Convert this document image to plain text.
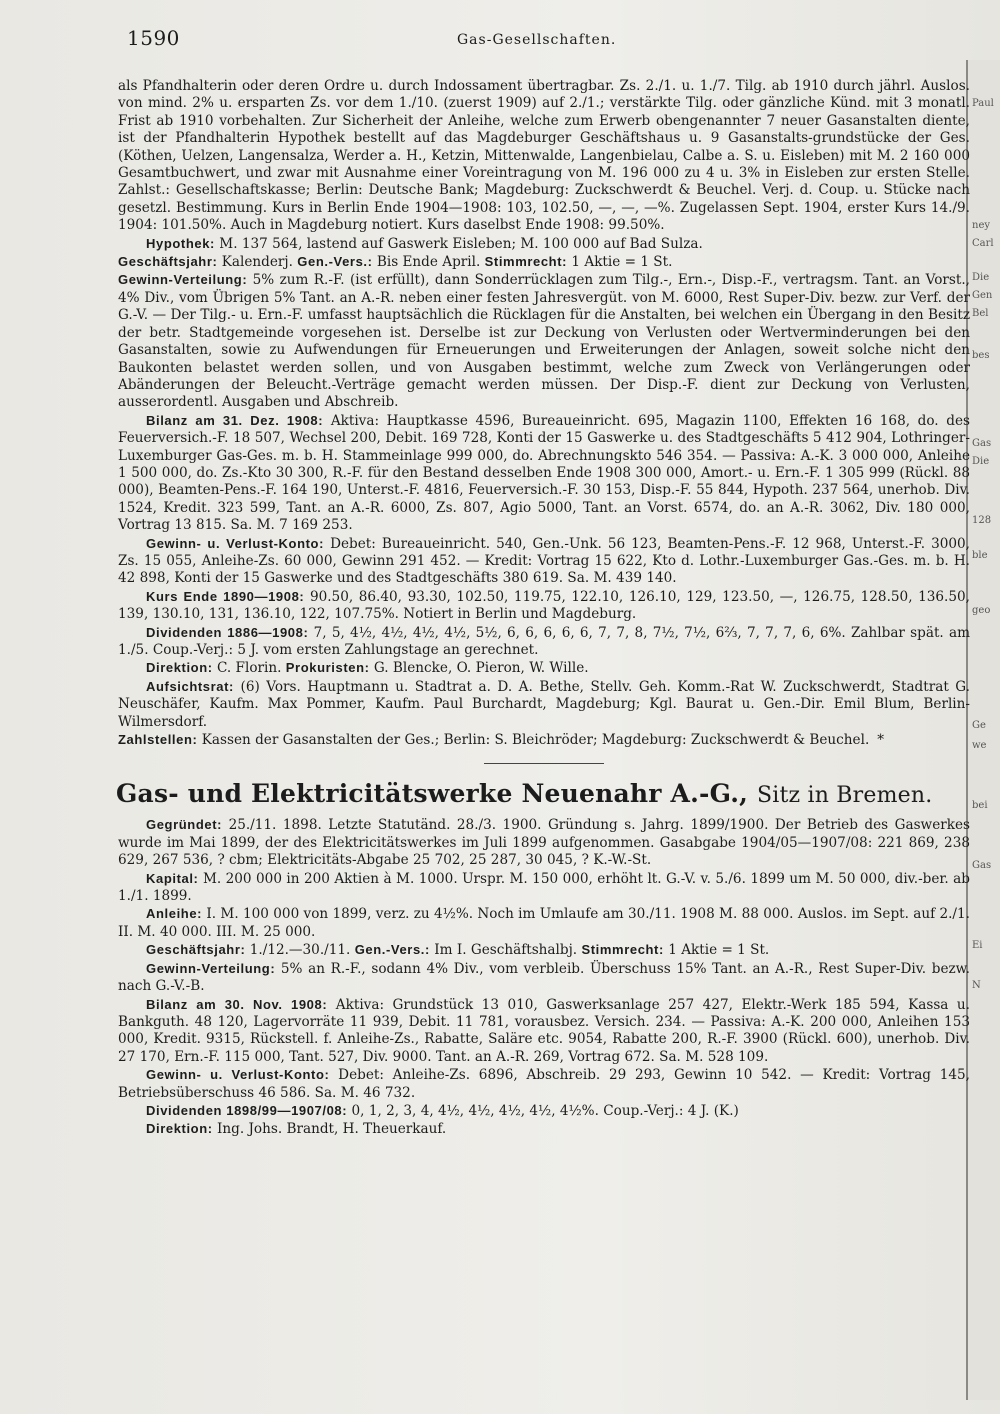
Paul
ney
Carl
Die
Gen
Bel
bes
Gas
Die
128
ble
geo
Ge
we
bei
Gas
Ei
N
1590	Gas-Gesellschaften.

als Pfandhalterin oder deren Ordre u. durch Indossament übertragbar. Zs. 2./1. u. 1./7. Tilg. ab 1910 durch jährl. Auslos. von mind. 2% u. ersparten Zs. vor dem 1./10. (zuerst 1909) auf 2./1.; verstärkte Tilg. oder gänzliche Künd. mit 3 monatl. Frist ab 1910 vorbehalten. Zur Sicherheit der Anleihe, welche zum Erwerb obengenannter 7 neuer Gasanstalten diente, ist der Pfandhalterin Hypothek bestellt auf das Magdeburger Geschäftshaus u. 9 Gasanstalts-grundstücke der Ges. (Köthen, Uelzen, Langensalza, Werder a. H., Ketzin, Mittenwalde, Langenbielau, Calbe a. S. u. Eisleben) mit M. 2 160 000 Gesamtbuchwert, und zwar mit Ausnahme einer Voreintragung von M. 196 000 zu 4 u. 3% in Eisleben zur ersten Stelle. Zahlst.: Gesellschaftskasse; Berlin: Deutsche Bank; Magdeburg: Zuckschwerdt & Beuchel. Verj. d. Coup. u. Stücke nach gesetzl. Bestimmung. Kurs in Berlin Ende 1904—1908: 103, 102.50, —, —, —%. Zugelassen Sept. 1904, erster Kurs 14./9. 1904: 101.50%. Auch in Magdeburg notiert. Kurs daselbst Ende 1908: 99.50%.

Hypothek: M. 137 564, lastend auf Gaswerk Eisleben; M. 100 000 auf Bad Sulza.

Geschäftsjahr: Kalenderj. Gen.-Vers.: Bis Ende April. Stimmrecht: 1 Aktie = 1 St.

Gewinn-Verteilung: 5% zum R.-F. (ist erfüllt), dann Sonderrücklagen zum Tilg.-, Ern.-, Disp.-F., vertragsm. Tant. an Vorst., 4% Div., vom Übrigen 5% Tant. an A.-R. neben einer festen Jahresvergüt. von M. 6000, Rest Super-Div. bezw. zur Verf. der G.-V. — Der Tilg.- u. Ern.-F. umfasst hauptsächlich die Rücklagen für die Anstalten, bei welchen ein Übergang in den Besitz der betr. Stadtgemeinde vorgesehen ist. Derselbe ist zur Deckung von Verlusten oder Wertverminderungen bei den Gasanstalten, sowie zu Aufwendungen für Erneuerungen und Erweiterungen der Anlagen, soweit solche nicht den Baukonten belastet werden sollen, und von Ausgaben bestimmt, welche zum Zweck von Verlängerungen oder Abänderungen der Beleucht.-Verträge gemacht werden müssen. Der Disp.-F. dient zur Deckung von Verlusten, ausserordentl. Ausgaben und Abschreib.

Bilanz am 31. Dez. 1908: Aktiva: Hauptkasse 4596, Bureaueinricht. 695, Magazin 1100, Effekten 16 168, do. des Feuerversich.-F. 18 507, Wechsel 200, Debit. 169 728, Konti der 15 Gaswerke u. des Stadtgeschäfts 5 412 904, Lothringer-Luxemburger Gas-Ges. m. b. H. Stammeinlage 999 000, do. Abrechnungskto 546 354. — Passiva: A.-K. 3 000 000, Anleihe 1 500 000, do. Zs.-Kto 30 300, R.-F. für den Bestand desselben Ende 1908 300 000, Amort.- u. Ern.-F. 1 305 999 (Rückl. 88 000), Beamten-Pens.-F. 164 190, Unterst.-F. 4816, Feuerversich.-F. 30 153, Disp.-F. 55 844, Hypoth. 237 564, unerhob. Div. 1524, Kredit. 323 599, Tant. an A.-R. 6000, Zs. 807, Agio 5000, Tant. an Vorst. 6574, do. an A.-R. 3062, Div. 180 000, Vortrag 13 815. Sa. M. 7 169 253.

Gewinn- u. Verlust-Konto: Debet: Bureaueinricht. 540, Gen.-Unk. 56 123, Beamten-Pens.-F. 12 968, Unterst.-F. 3000, Zs. 15 055, Anleihe-Zs. 60 000, Gewinn 291 452. — Kredit: Vortrag 15 622, Kto d. Lothr.-Luxemburger Gas.-Ges. m. b. H. 42 898, Konti der 15 Gaswerke und des Stadtgeschäfts 380 619. Sa. M. 439 140.

Kurs Ende 1890—1908: 90.50, 86.40, 93.30, 102.50, 119.75, 122.10, 126.10, 129, 123.50, —, 126.75, 128.50, 136.50, 139, 130.10, 131, 136.10, 122, 107.75%. Notiert in Berlin und Magdeburg.

Dividenden 1886—1908: 7, 5, 4½, 4½, 4½, 4½, 5½, 6, 6, 6, 6, 6, 7, 7, 8, 7½, 7½, 6⅔, 7, 7, 7, 6, 6%. Zahlbar spät. am 1./5. Coup.-Verj.: 5 J. vom ersten Zahlungstage an gerechnet.

Direktion: C. Florin. Prokuristen: G. Blencke, O. Pieron, W. Wille.

Aufsichtsrat: (6) Vors. Hauptmann u. Stadtrat a. D. A. Bethe, Stellv. Geh. Komm.-Rat W. Zuckschwerdt, Stadtrat G. Neuschäfer, Kaufm. Max Pommer, Kaufm. Paul Burchardt, Magdeburg; Kgl. Baurat u. Gen.-Dir. Emil Blum, Berlin-Wilmersdorf.

Zahlstellen: Kassen der Gasanstalten der Ges.; Berlin: S. Bleichröder; Magdeburg: Zuckschwerdt & Beuchel. *

Gas- und Elektricitätswerke Neuenahr A.-G., Sitz in Bremen.

Gegründet: 25./11. 1898. Letzte Statutänd. 28./3. 1900. Gründung s. Jahrg. 1899/1900. Der Betrieb des Gaswerkes wurde im Mai 1899, der des Elektricitätswerkes im Juli 1899 aufgenommen. Gasabgabe 1904/05—1907/08: 221 869, 238 629, 267 536, ? cbm; Elektricitäts-Abgabe 25 702, 25 287, 30 045, ? K.-W.-St.

Kapital: M. 200 000 in 200 Aktien à M. 1000. Urspr. M. 150 000, erhöht lt. G.-V. v. 5./6. 1899 um M. 50 000, div.-ber. ab 1./1. 1899.

Anleihe: I. M. 100 000 von 1899, verz. zu 4½%. Noch im Umlaufe am 30./11. 1908 M. 88 000. Auslos. im Sept. auf 2./1. II. M. 40 000. III. M. 25 000.

Geschäftsjahr: 1./12.—30./11. Gen.-Vers.: Im I. Geschäftshalbj. Stimmrecht: 1 Aktie = 1 St.

Gewinn-Verteilung: 5% an R.-F., sodann 4% Div., vom verbleib. Überschuss 15% Tant. an A.-R., Rest Super-Div. bezw. nach G.-V.-B.

Bilanz am 30. Nov. 1908: Aktiva: Grundstück 13 010, Gaswerksanlage 257 427, Elektr.-Werk 185 594, Kassa u. Bankguth. 48 120, Lagervorräte 11 939, Debit. 11 781, vorausbez. Versich. 234. — Passiva: A.-K. 200 000, Anleihen 153 000, Kredit. 9315, Rückstell. f. Anleihe-Zs., Rabatte, Saläre etc. 9054, Rabatte 200, R.-F. 3900 (Rückl. 600), unerhob. Div. 27 170, Ern.-F. 115 000, Tant. 527, Div. 9000. Tant. an A.-R. 269, Vortrag 672. Sa. M. 528 109.

Gewinn- u. Verlust-Konto: Debet: Anleihe-Zs. 6896, Abschreib. 29 293, Gewinn 10 542. — Kredit: Vortrag 145, Betriebsüberschuss 46 586. Sa. M. 46 732.

Dividenden 1898/99—1907/08: 0, 1, 2, 3, 4, 4½, 4½, 4½, 4½, 4½%. Coup.-Verj.: 4 J. (K.)

Direktion: Ing. Johs. Brandt, H. Theuerkauf.
